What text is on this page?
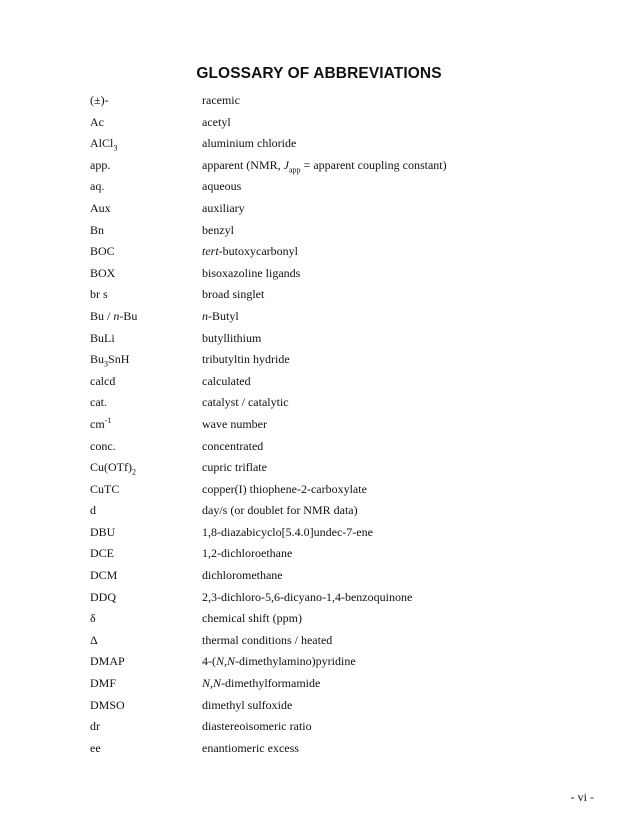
GLOSSARY OF ABBREVIATIONS
(±)-	racemic
Ac	acetyl
AlCl$_3$	aluminium chloride
app.	apparent (NMR, $J_{app}$ = apparent coupling constant)
aq.	aqueous
Aux	auxiliary
Bn	benzyl
BOC	tert-butoxycarbonyl
BOX	bisoxazoline ligands
br s	broad singlet
Bu / n-Bu	n-Butyl
BuLi	butyllithium
$Bu_3SnH$	tributyltin hydride
calcd	calculated
cat.	catalyst / catalytic
$cm^{-1}$	wave number
conc.	concentrated
$Cu(OTf)_2$	cupric triflate
CuTC	copper(I) thiophene-2-carboxylate
d	day/s (or doublet for NMR data)
DBU	1,8-diazabicyclo[5.4.0]undec-7-ene
DCE	1,2-dichloroethane
DCM	dichloromethane
DDQ	2,3-dichloro-5,6-dicyano-1,4-benzoquinone
δ	chemical shift (ppm)
Δ	thermal conditions / heated
DMAP	4-(N,N-dimethylamino)pyridine
DMF	N,N-dimethylformamide
DMSO	dimethyl sulfoxide
dr	diastereoisomeric ratio
ee	enantiomeric excess
- vi -
